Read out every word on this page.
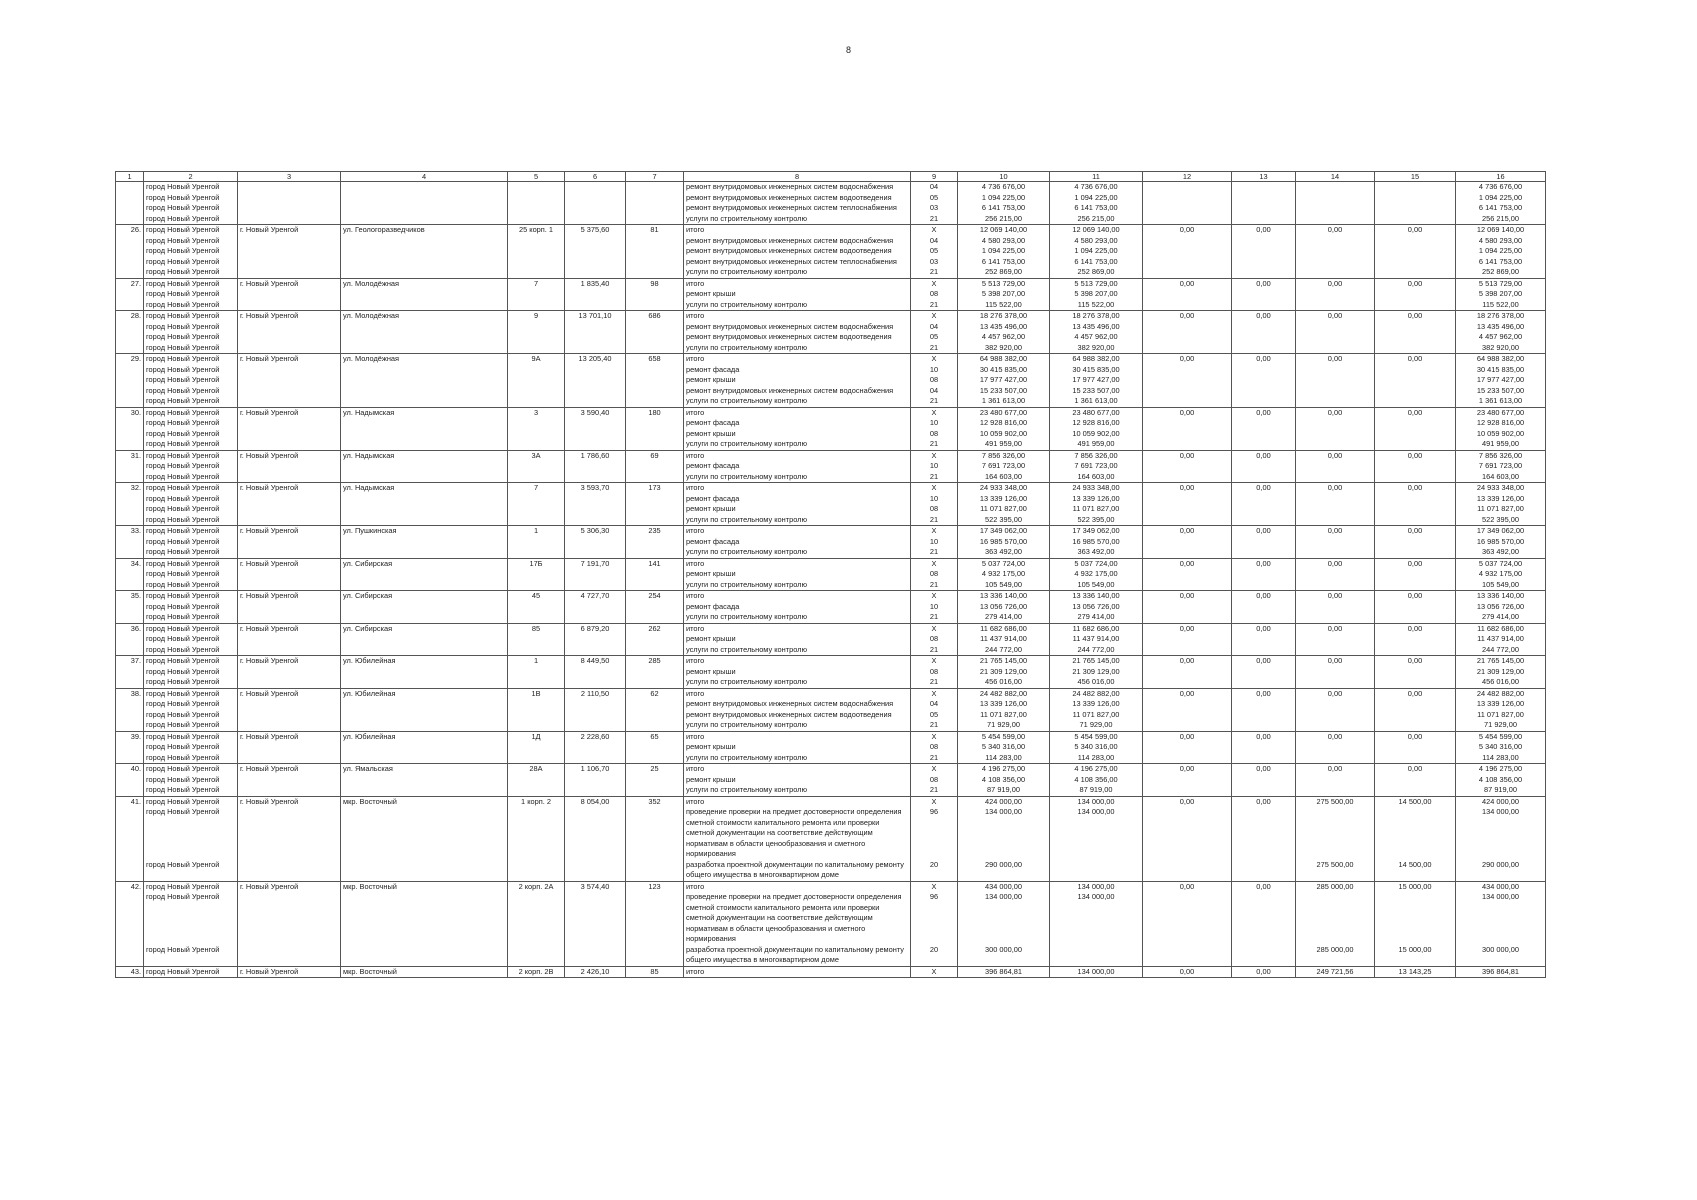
8
1	2	3	4	5	6	7	8	9	10	11	12	13	14	15	16
	город Новый Уренгой						ремонт внутридомовых инженерных систем водоснабжения	04	4 736 676,00	4 736 676,00					4 736 676,00
	город Новый Уренгой						ремонт внутридомовых инженерных систем водоотведения	05	1 094 225,00	1 094 225,00					1 094 225,00
	город Новый Уренгой						ремонт внутридомовых инженерных систем теплоснабжения	03	6 141 753,00	6 141 753,00					6 141 753,00
	город Новый Уренгой						услуги по строительному контролю	21	256 215,00	256 215,00					256 215,00
26.	город Новый Уренгой	г. Новый Уренгой	ул. Геологоразведчиков	25 корп. 1	5 375,60	81	итого	X	12 069 140,00	12 069 140,00	0,00	0,00	0,00	0,00	12 069 140,00
	город Новый Уренгой						ремонт внутридомовых инженерных систем водоснабжения	04	4 580 293,00	4 580 293,00					4 580 293,00
	город Новый Уренгой						ремонт внутридомовых инженерных систем водоотведения	05	1 094 225,00	1 094 225,00					1 094 225,00
	город Новый Уренгой						ремонт внутридомовых инженерных систем теплоснабжения	03	6 141 753,00	6 141 753,00					6 141 753,00
	город Новый Уренгой						услуги по строительному контролю	21	252 869,00	252 869,00					252 869,00
27.	город Новый Уренгой	г. Новый Уренгой	ул. Молодёжная	7	1 835,40	98	итого	X	5 513 729,00	5 513 729,00	0,00	0,00	0,00	0,00	5 513 729,00
	город Новый Уренгой						ремонт крыши	08	5 398 207,00	5 398 207,00					5 398 207,00
	город Новый Уренгой						услуги по строительному контролю	21	115 522,00	115 522,00					115 522,00
28.	город Новый Уренгой	г. Новый Уренгой	ул. Молодёжная	9	13 701,10	686	итого	X	18 276 378,00	18 276 378,00	0,00	0,00	0,00	0,00	18 276 378,00
	город Новый Уренгой						ремонт внутридомовых инженерных систем водоснабжения	04	13 435 496,00	13 435 496,00					13 435 496,00
	город Новый Уренгой						ремонт внутридомовых инженерных систем водоотведения	05	4 457 962,00	4 457 962,00					4 457 962,00
	город Новый Уренгой						услуги по строительному контролю	21	382 920,00	382 920,00					382 920,00
29.	город Новый Уренгой	г. Новый Уренгой	ул. Молодёжная	9А	13 205,40	658	итого	X	64 988 382,00	64 988 382,00	0,00	0,00	0,00	0,00	64 988 382,00
	город Новый Уренгой						ремонт фасада	10	30 415 835,00	30 415 835,00					30 415 835,00
	город Новый Уренгой						ремонт крыши	08	17 977 427,00	17 977 427,00					17 977 427,00
	город Новый Уренгой						ремонт внутридомовых инженерных систем водоснабжения	04	15 233 507,00	15 233 507,00					15 233 507,00
	город Новый Уренгой						услуги по строительному контролю	21	1 361 613,00	1 361 613,00					1 361 613,00
30.	город Новый Уренгой	г. Новый Уренгой	ул. Надымская	3	3 590,40	180	итого	X	23 480 677,00	23 480 677,00	0,00	0,00	0,00	0,00	23 480 677,00
	город Новый Уренгой						ремонт фасада	10	12 928 816,00	12 928 816,00					12 928 816,00
	город Новый Уренгой						ремонт крыши	08	10 059 902,00	10 059 902,00					10 059 902,00
	город Новый Уренгой						услуги по строительному контролю	21	491 959,00	491 959,00					491 959,00
31.	город Новый Уренгой	г. Новый Уренгой	ул. Надымская	3А	1 786,60	69	итого	X	7 856 326,00	7 856 326,00	0,00	0,00	0,00	0,00	7 856 326,00
	город Новый Уренгой						ремонт фасада	10	7 691 723,00	7 691 723,00					7 691 723,00
	город Новый Уренгой						услуги по строительному контролю	21	164 603,00	164 603,00					164 603,00
32.	город Новый Уренгой	г. Новый Уренгой	ул. Надымская	7	3 593,70	173	итого	X	24 933 348,00	24 933 348,00	0,00	0,00	0,00	0,00	24 933 348,00
	город Новый Уренгой						ремонт фасада	10	13 339 126,00	13 339 126,00					13 339 126,00
	город Новый Уренгой						ремонт крыши	08	11 071 827,00	11 071 827,00					11 071 827,00
	город Новый Уренгой						услуги по строительному контролю	21	522 395,00	522 395,00					522 395,00
33.	город Новый Уренгой	г. Новый Уренгой	ул. Пушкинская	1	5 306,30	235	итого	X	17 349 062,00	17 349 062,00	0,00	0,00	0,00	0,00	17 349 062,00
	город Новый Уренгой						ремонт фасада	10	16 985 570,00	16 985 570,00					16 985 570,00
	город Новый Уренгой						услуги по строительному контролю	21	363 492,00	363 492,00					363 492,00
34.	город Новый Уренгой	г. Новый Уренгой	ул. Сибирская	17Б	7 191,70	141	итого	X	5 037 724,00	5 037 724,00	0,00	0,00	0,00	0,00	5 037 724,00
	город Новый Уренгой						ремонт крыши	08	4 932 175,00	4 932 175,00					4 932 175,00
	город Новый Уренгой						услуги по строительному контролю	21	105 549,00	105 549,00					105 549,00
35.	город Новый Уренгой	г. Новый Уренгой	ул. Сибирская	45	4 727,70	254	итого	X	13 336 140,00	13 336 140,00	0,00	0,00	0,00	0,00	13 336 140,00
	город Новый Уренгой						ремонт фасада	10	13 056 726,00	13 056 726,00					13 056 726,00
	город Новый Уренгой						услуги по строительному контролю	21	279 414,00	279 414,00					279 414,00
36.	город Новый Уренгой	г. Новый Уренгой	ул. Сибирская	85	6 879,20	262	итого	X	11 682 686,00	11 682 686,00	0,00	0,00	0,00	0,00	11 682 686,00
	город Новый Уренгой						ремонт крыши	08	11 437 914,00	11 437 914,00					11 437 914,00
	город Новый Уренгой						услуги по строительному контролю	21	244 772,00	244 772,00					244 772,00
37.	город Новый Уренгой	г. Новый Уренгой	ул. Юбилейная	1	8 449,50	285	итого	X	21 765 145,00	21 765 145,00	0,00	0,00	0,00	0,00	21 765 145,00
	город Новый Уренгой						ремонт крыши	08	21 309 129,00	21 309 129,00					21 309 129,00
	город Новый Уренгой						услуги по строительному контролю	21	456 016,00	456 016,00					456 016,00
38.	город Новый Уренгой	г. Новый Уренгой	ул. Юбилейная	1В	2 110,50	62	итого	X	24 482 882,00	24 482 882,00	0,00	0,00	0,00	0,00	24 482 882,00
	город Новый Уренгой						ремонт внутридомовых инженерных систем водоснабжения	04	13 339 126,00	13 339 126,00					13 339 126,00
	город Новый Уренгой						ремонт внутридомовых инженерных систем водоотведения	05	11 071 827,00	11 071 827,00					11 071 827,00
	город Новый Уренгой						услуги по строительному контролю	21	71 929,00	71 929,00					71 929,00
39.	город Новый Уренгой	г. Новый Уренгой	ул. Юбилейная	1Д	2 228,60	65	итого	X	5 454 599,00	5 454 599,00	0,00	0,00	0,00	0,00	5 454 599,00
	город Новый Уренгой						ремонт крыши	08	5 340 316,00	5 340 316,00					5 340 316,00
	город Новый Уренгой						услуги по строительному контролю	21	114 283,00	114 283,00					114 283,00
40.	город Новый Уренгой	г. Новый Уренгой	ул. Ямальская	28А	1 106,70	25	итого	X	4 196 275,00	4 196 275,00	0,00	0,00	0,00	0,00	4 196 275,00
	город Новый Уренгой						ремонт крыши	08	4 108 356,00	4 108 356,00					4 108 356,00
	город Новый Уренгой						услуги по строительному контролю	21	87 919,00	87 919,00					87 919,00
41.	город Новый Уренгой	г. Новый Уренгой	мкр. Восточный	1 корп. 2	8 054,00	352	итого	X	424 000,00	134 000,00	0,00	0,00	275 500,00	14 500,00	424 000,00
	город Новый Уренгой						проведение проверки на предмет достоверности определения сметной стоимости капитального ремонта или проверки сметной документации на соответствие действующим нормативам в области ценообразования и сметного нормирования	96	134 000,00	134 000,00					134 000,00
	город Новый Уренгой						разработка проектной документации по капитальному ремонту общего имущества в многоквартирном доме	20	290 000,00				275 500,00	14 500,00	290 000,00
42.	город Новый Уренгой	г. Новый Уренгой	мкр. Восточный	2 корп. 2А	3 574,40	123	итого	X	434 000,00	134 000,00	0,00	0,00	285 000,00	15 000,00	434 000,00
	город Новый Уренгой						проведение проверки на предмет достоверности определения сметной стоимости капитального ремонта или проверки сметной документации на соответствие действующим нормативам в области ценообразования и сметного нормирования	96	134 000,00	134 000,00					134 000,00
	город Новый Уренгой						разработка проектной документации по капитальному ремонту общего имущества в многоквартирном доме	20	300 000,00				285 000,00	15 000,00	300 000,00
43.	город Новый Уренгой	г. Новый Уренгой	мкр. Восточный	2 корп. 2В	2 426,10	85	итого	X	396 864,81	134 000,00	0,00	0,00	249 721,56	13 143,25	396 864,81
